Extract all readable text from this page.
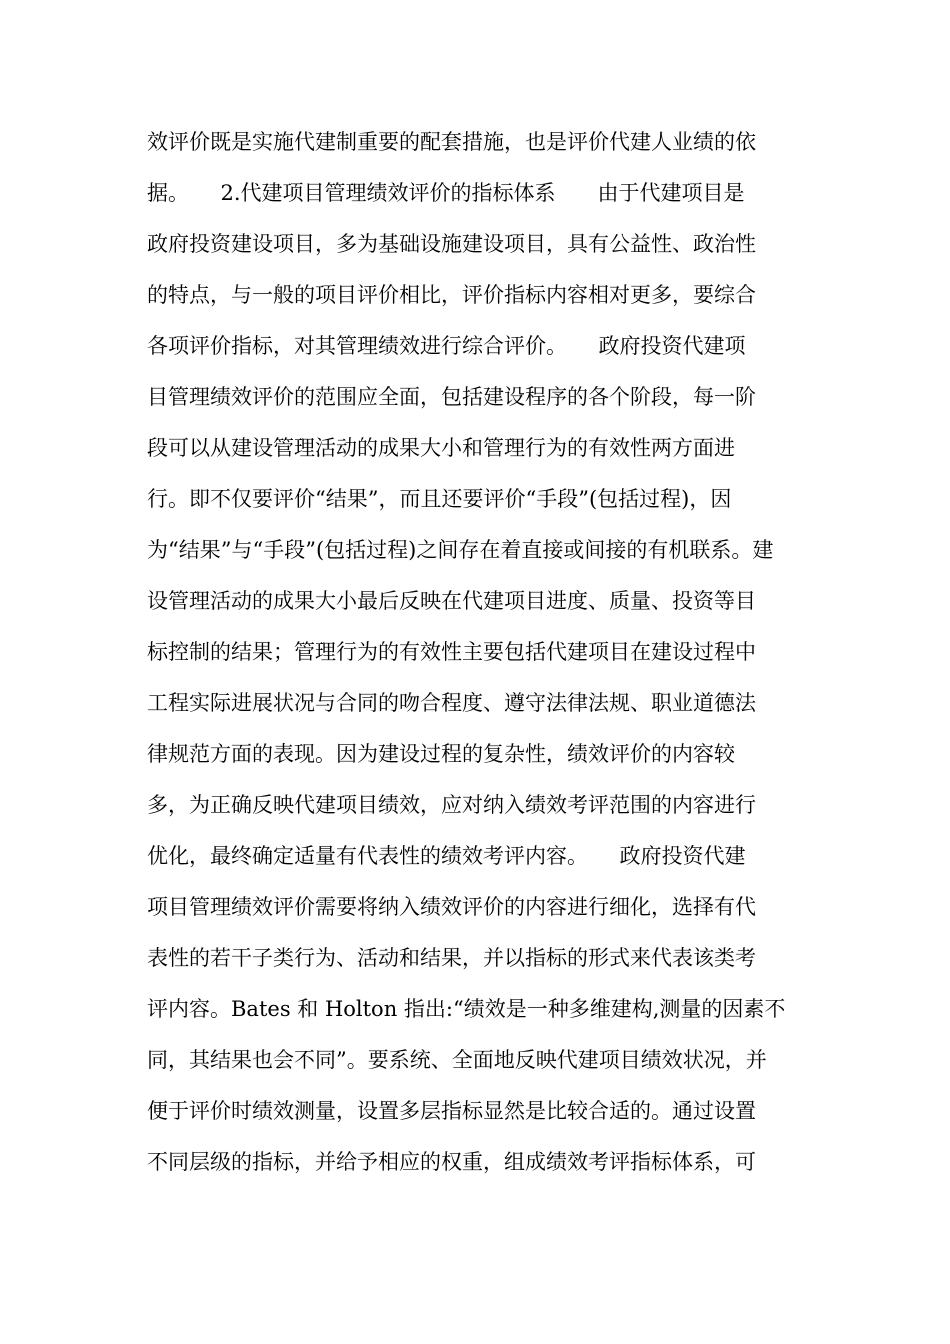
效评价既是实施代建制重要的配套措施，也是评价代建人业绩的依
据。　　2.代建项目管理绩效评价的指标体系　　由于代建项目是
政府投资建设项目，多为基础设施建设项目，具有公益性、政治性
的特点，与一般的项目评价相比，评价指标内容相对更多，要综合
各项评价指标，对其管理绩效进行综合评价。　　政府投资代建项
目管理绩效评价的范围应全面，包括建设程序的各个阶段，每一阶
段可以从建设管理活动的成果大小和管理行为的有效性两方面进
行。即不仅要评价“结果”，而且还要评价“手段”(包括过程)，因
为“结果”与“手段”(包括过程)之间存在着直接或间接的有机联系。建
设管理活动的成果大小最后反映在代建项目进度、质量、投资等目
标控制的结果；管理行为的有效性主要包括代建项目在建设过程中
工程实际进展状况与合同的吻合程度、遵守法律法规、职业道德法
律规范方面的表现。因为建设过程的复杂性，绩效评价的内容较
多，为正确反映代建项目绩效，应对纳入绩效考评范围的内容进行
优化，最终确定适量有代表性的绩效考评内容。　　政府投资代建
项目管理绩效评价需要将纳入绩效评价的内容进行细化，选择有代
表性的若干子类行为、活动和结果，并以指标的形式来代表该类考
评内容。Bates 和 Holton 指出:“绩效是一种多维建构,测量的因素不
同，其结果也会不同”。要系统、全面地反映代建项目绩效状况，并
便于评价时绩效测量，设置多层指标显然是比较合适的。通过设置
不同层级的指标，并给予相应的权重，组成绩效考评指标体系，可
